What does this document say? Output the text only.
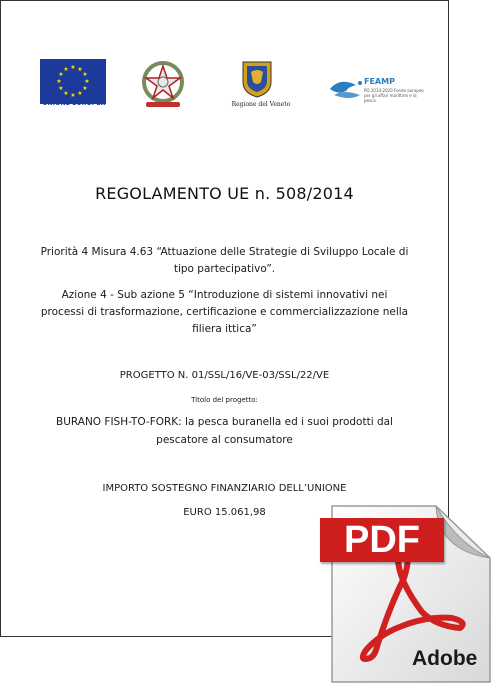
★ ★
★
★
★
★
★
★
★
★
★
★
UNIONE EUROPEA	Regione del Veneto
FEAMP
PO 2014-2020 Fondo europeo per gli affari marittimi e la pesca
REGOLAMENTO UE n. 508/2014
Priorità 4 Misura 4.63 “Attuazione delle Strategie di Sviluppo Locale di tipo partecipativo”.
Azione 4 - Sub azione 5 “Introduzione di sistemi innovativi nei processi di trasformazione, certificazione e commercializzazione nella filiera ittica”
PROGETTO N. 01/SSL/16/VE-03/SSL/22/VE
Titolo del progetto:
BURANO FISH-TO-FORK: la pesca buranella ed i suoi prodotti dal pescatore al consumatore
IMPORTO SOSTEGNO FINANZIARIO DELL’UNIONE
EURO 15.061,98
PDF
Adobe
